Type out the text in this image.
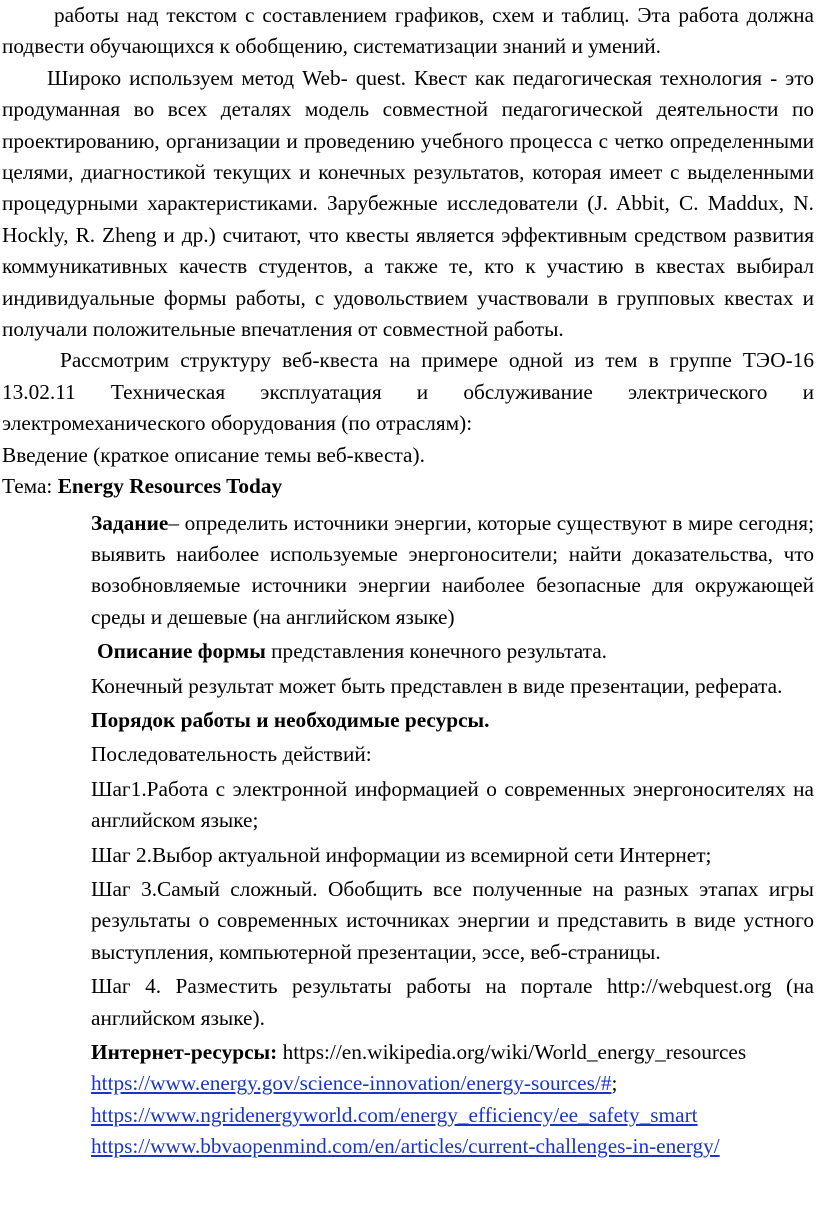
работы над текстом с составлением графиков, схем и таблиц. Эта работа должна подвести обучающихся к обобщению, систематизации знаний и умений.

Широко используем метод Web- quest. Квест как педагогическая технология - это продуманная во всех деталях модель совместной педагогической деятельности по проектированию, организации и проведению учебного процесса с четко определенными целями, диагностикой текущих и конечных результатов, которая имеет с выделенными процедурными характеристиками. Зарубежные исследователи (J. Abbit, C. Maddux, N. Hockly, R. Zheng и др.) считают, что квесты является эффективным средством развития коммуникативных качеств студентов, а также те, кто к участию в квестах выбирал индивидуальные формы работы, с удовольствием участвовали в групповых квестах и получали положительные впечатления от совместной работы.

Рассмотрим структуру веб-квеста на примере одной из тем в группе ТЭО-16 13.02.11 Техническая эксплуатация и обслуживание электрического и электромеханического оборудования (по отраслям):

Введение (краткое описание темы веб-квеста).

Тема: Energy Resources Today

Задание– определить источники энергии, которые существуют в мире сегодня; выявить наиболее используемые энергоносители; найти доказательства, что возобновляемые источники энергии наиболее безопасные для окружающей среды и дешевые (на английском языке)

Описание формы представления конечного результата.

Конечный результат может быть представлен в виде презентации, реферата.

Порядок работы и необходимые ресурсы.

Последовательность действий:

Шаг1.Работа с электронной информацией о современных энергоносителях на английском языке;

Шаг 2.Выбор актуальной информации из всемирной сети Интернет;

Шаг 3.Самый сложный. Обобщить все полученные на разных этапах игры результаты о современных источниках энергии и представить в виде устного выступления, компьютерной презентации, эссе, веб-страницы.

Шаг 4. Разместить результаты работы на портале http://webquest.org (на английском языке).

Интернет-ресурсы: https://en.wikipedia.org/wiki/World_energy_resources

https://www.energy.gov/science-innovation/energy-sources/#;

https://www.ngridenergyworld.com/energy_efficiency/ee_safety_smart

https://www.bbvaopenmind.com/en/articles/current-challenges-in-energy/
